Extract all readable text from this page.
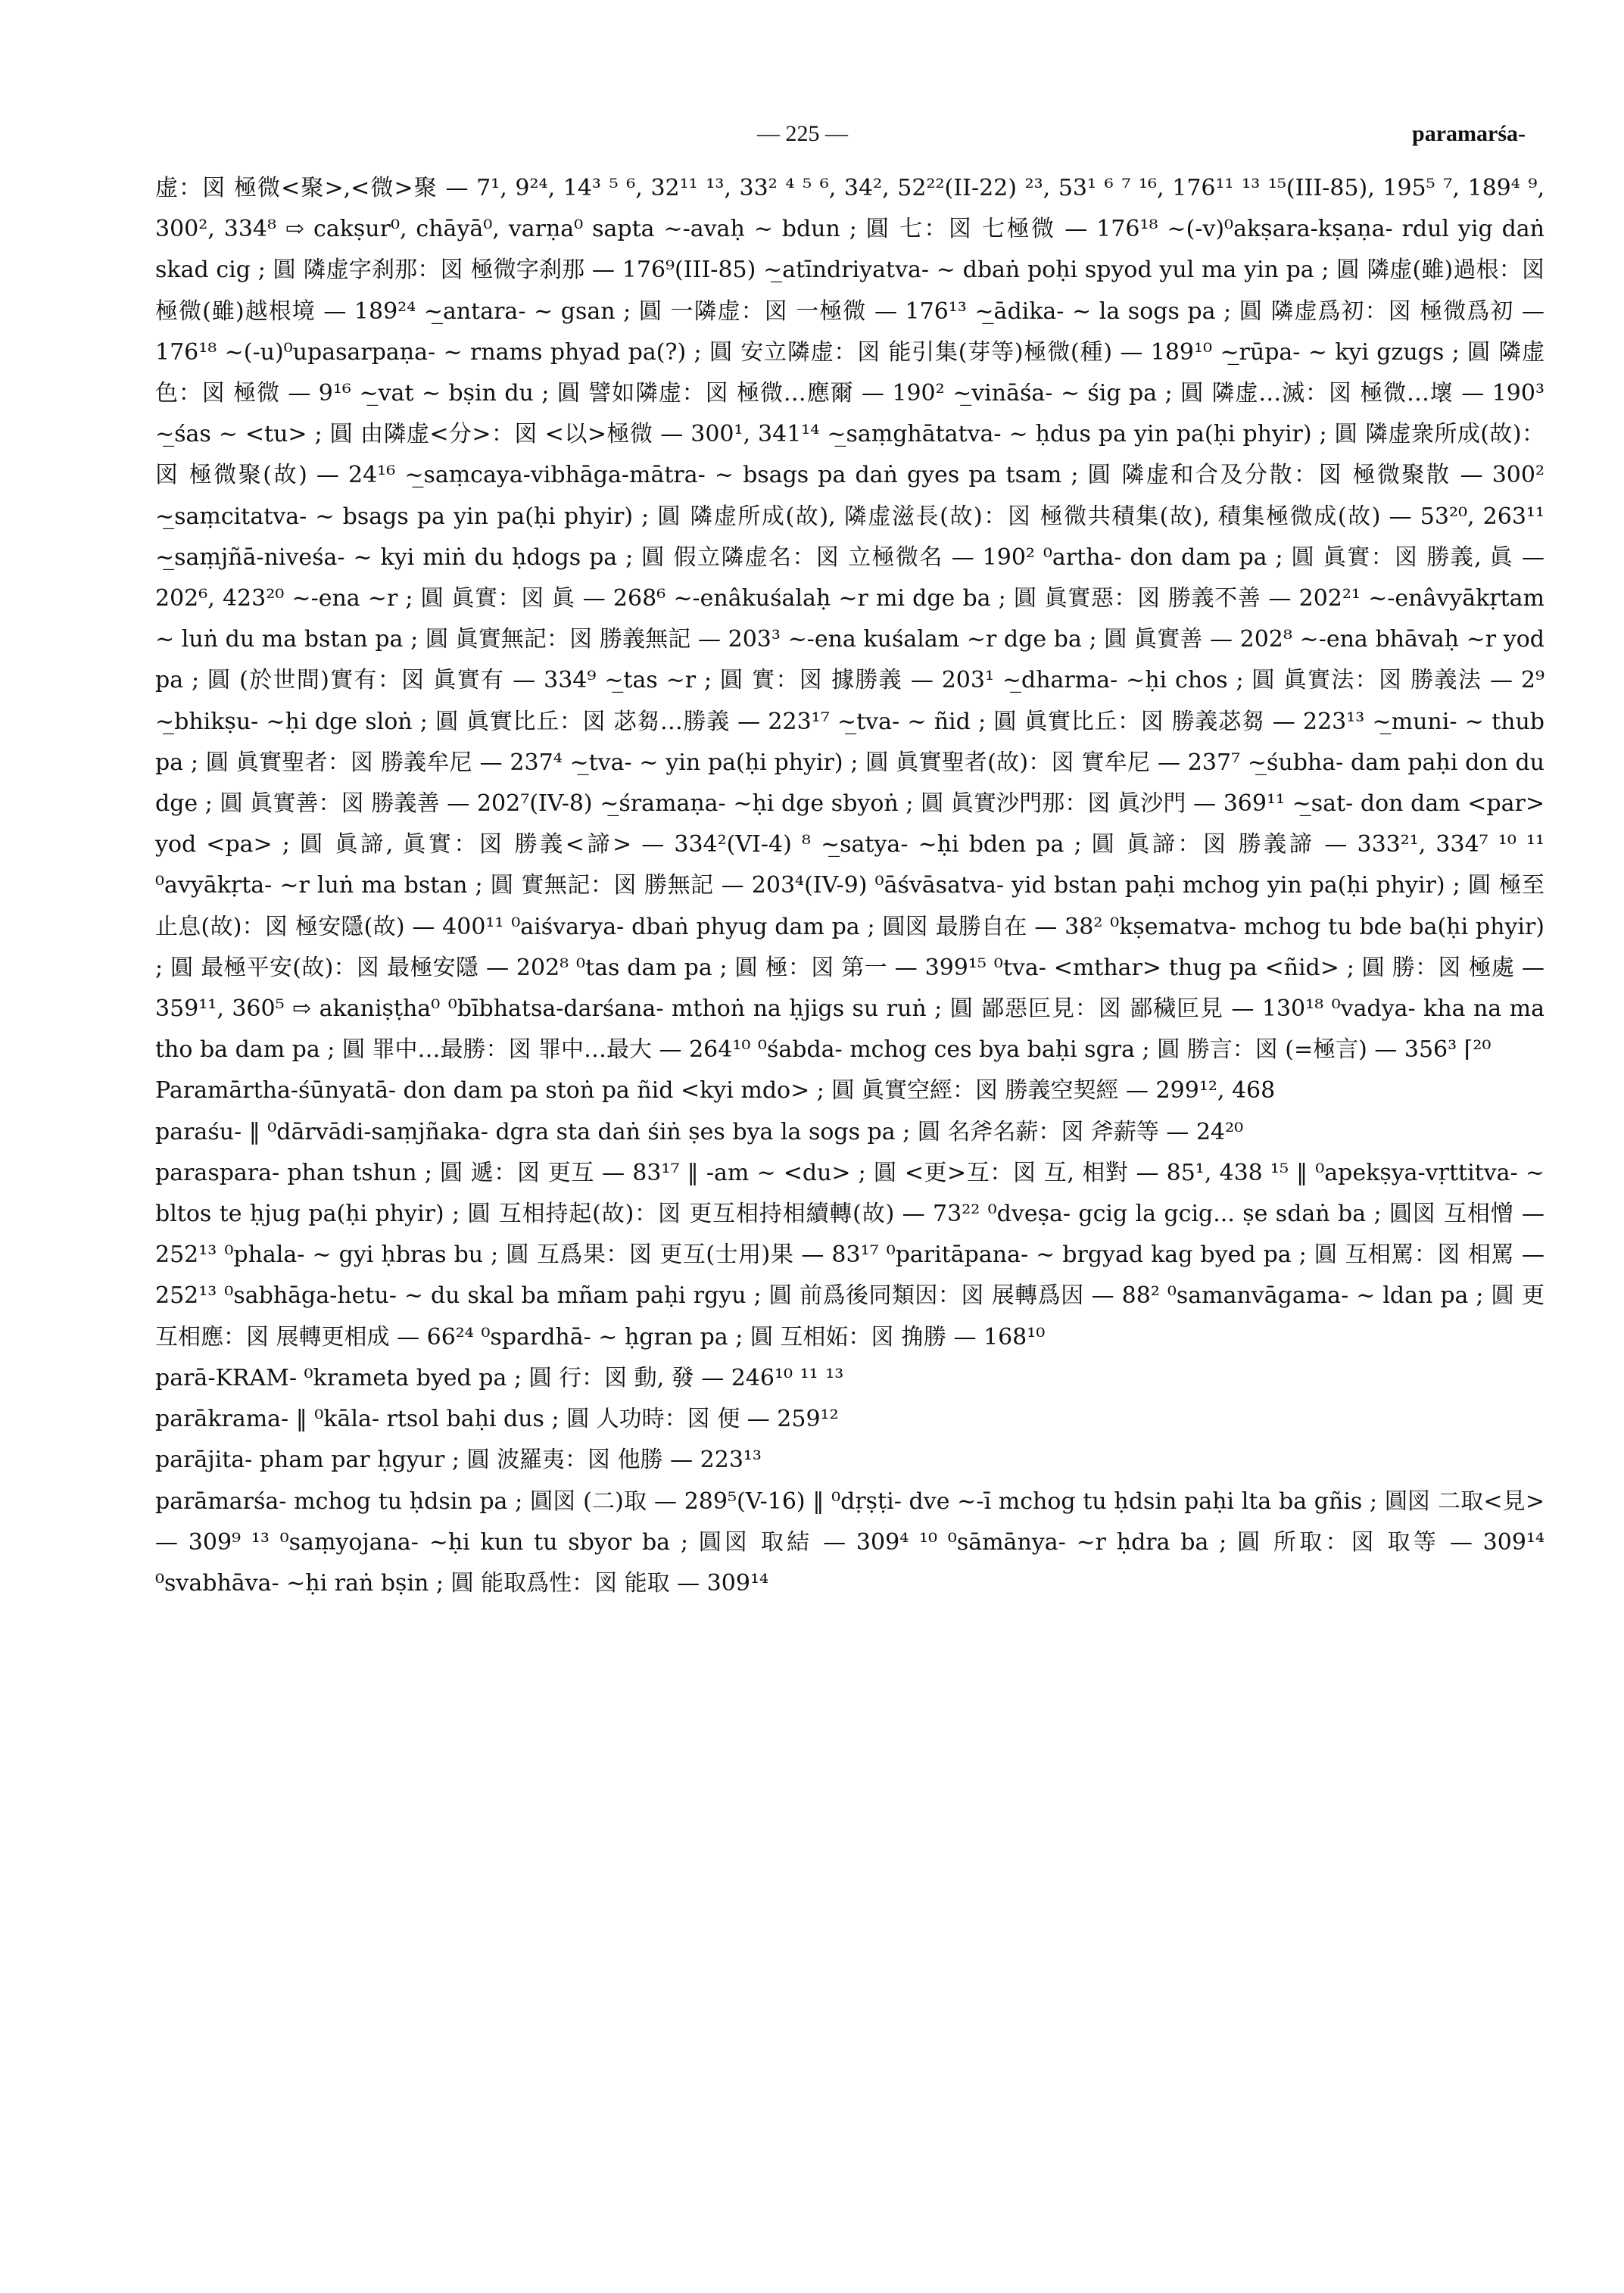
— 225 —	paramarśa-

虚：図 極微<聚>,<微>聚 — 7¹, 9²⁴, 14³ ⁵ ⁶, 32¹¹ ¹³, 33² ⁴ ⁵ ⁶, 34², 52²²(II-22) ²³, 53¹ ⁶ ⁷ ¹⁶, 176¹¹ ¹³ ¹⁵(III-85), 195⁵ ⁷, 189⁴ ⁹, 300², 334⁸ ⇨ cakṣur⁰, chāyā⁰, varṇa⁰ sapta ~-avaḥ ~ bdun ; 圓 七：図 七極微 — 176¹⁸ ~(-v)⁰akṣara-kṣaṇa- rdul yig daṅ skad cig ; 圓 隣虚字刹那：図 極微字刹那 — 176⁹(III-85) ~̲atīndriyatva- ~ dbaṅ poḥi spyod yul ma yin pa ; 圓 隣虚(雖)過根：図 極微(雖)越根境 — 189²⁴ ~̲antara- ~ gsan ; 圓 一隣虚：図 一極微 — 176¹³ ~̲ādika- ~ la sogs pa ; 圓 隣虚爲初：図 極微爲初 — 176¹⁸ ~(-u)⁰upasarpaṇa- ~ rnams phyad pa(?) ; 圓 安立隣虚：図 能引集(芽等)極微(種) — 189¹⁰ ~̲rūpa- ~ kyi gzugs ; 圓 隣虚色：図 極微 — 9¹⁶ ~̲vat ~ bṣin du ; 圓 譬如隣虚：図 極微…應爾 — 190² ~̲vināśa- ~ śig pa ; 圓 隣虚…滅：図 極微…壞 — 190³ ~̲śas ~ <tu> ; 圓 由隣虚<分>：図 <以>極微 — 300¹, 341¹⁴ ~̲saṃghātatva- ~ ḥdus pa yin pa(ḥi phyir) ; 圓 隣虚衆所成(故)：図 極微聚(故) — 24¹⁶ ~̲saṃcaya-vibhāga-mātra- ~ bsags pa daṅ gyes pa tsam ; 圓 隣虚和合及分散：図 極微聚散 — 300² ~̲saṃcitatva- ~ bsags pa yin pa(ḥi phyir) ; 圓 隣虚所成(故), 隣虚滋長(故)：図 極微共積集(故), 積集極微成(故) — 53²⁰, 263¹¹ ~̲saṃjñā-niveśa- ~ kyi miṅ du ḥdogs pa ; 圓 假立隣虚名：図 立極微名 — 190² ⁰artha- don dam pa ; 圓 眞實：図 勝義, 眞 — 202⁶, 423²⁰ ~-ena ~r ; 圓 眞實：図 眞 — 268⁶ ~-enâkuśalaḥ ~r mi dge ba ; 圓 眞實惡：図 勝義不善 — 202²¹ ~-enâvyākṛtam ~ luṅ du ma bstan pa ; 圓 眞實無記：図 勝義無記 — 203³ ~-ena kuśalam ~r dge ba ; 圓 眞實善 — 202⁸ ~-ena bhāvaḥ ~r yod pa ; 圓 (於世間)實有：図 眞實有 — 334⁹ ~̲tas ~r ; 圓 實：図 據勝義 — 203¹ ~̲dharma- ~ḥi chos ; 圓 眞實法：図 勝義法 — 2⁹ ~̲bhikṣu- ~ḥi dge sloṅ ; 圓 眞實比丘：図 苾芻…勝義 — 223¹⁷ ~̲tva- ~ ñid ; 圓 眞實比丘：図 勝義苾芻 — 223¹³ ~̲muni- ~ thub pa ; 圓 眞實聖者：図 勝義牟尼 — 237⁴ ~̲tva- ~ yin pa(ḥi phyir) ; 圓 眞實聖者(故)：図 實牟尼 — 237⁷ ~̲śubha- dam paḥi don du dge ; 圓 眞實善：図 勝義善 — 202⁷(IV-8) ~̲śramaṇa- ~ḥi dge sbyoṅ ; 圓 眞實沙門那：図 眞沙門 — 369¹¹ ~̲sat- don dam <par> yod <pa> ; 圓 眞諦, 眞實：図 勝義<諦> — 334²(VI-4) ⁸ ~̲satya- ~ḥi bden pa ; 圓 眞諦：図 勝義諦 — 333²¹, 334⁷ ¹⁰ ¹¹ ⁰avyākṛta- ~r luṅ ma bstan ; 圓 實無記：図 勝無記 — 203⁴(IV-9) ⁰āśvāsatva- yid bstan paḥi mchog yin pa(ḥi phyir) ; 圓 極至止息(故)：図 極安隱(故) — 400¹¹ ⁰aiśvarya- dbaṅ phyug dam pa ; 圓図 最勝自在 — 38² ⁰kṣematva- mchog tu bde ba(ḥi phyir) ; 圓 最極平安(故)：図 最極安隱 — 202⁸ ⁰tas dam pa ; 圓 極：図 第一 — 399¹⁵ ⁰tva- <mthar> thug pa <ñid> ; 圓 勝：図 極處 — 359¹¹, 360⁵ ⇨ akaniṣṭha⁰ ⁰bībhatsa-darśana- mthoṅ na ḥjigs su ruṅ ; 圓 鄙惡叵見：図 鄙穢叵見 — 130¹⁸ ⁰vadya- kha na ma tho ba dam pa ; 圓 罪中…最勝：図 罪中…最大 — 264¹⁰ ⁰śabda- mchog ces bya baḥi sgra ; 圓 勝言：図 (=極言) — 356³ ⌈²⁰

Paramārtha-śūnyatā- don dam pa stoṅ pa ñid <kyi mdo> ; 圓 眞實空經：図 勝義空契經 — 299¹², 468

paraśu- ‖ ⁰dārvādi-saṃjñaka- dgra sta daṅ śiṅ ṣes bya la sogs pa ; 圓 名斧名薪：図 斧薪等 — 24²⁰

paraspara- phan tshun ; 圓 遞：図 更互 — 83¹⁷ ‖ -am ~ <du> ; 圓 <更>互：図 互, 相對 — 85¹, 438 ¹⁵ ‖ ⁰apekṣya-vṛttitva- ~ bltos te ḥjug pa(ḥi phyir) ; 圓 互相持起(故)：図 更互相持相續轉(故) — 73²² ⁰dveṣa- gcig la gcig... ṣe sdaṅ ba ; 圓図 互相憎 — 252¹³ ⁰phala- ~ gyi ḥbras bu ; 圓 互爲果：図 更互(士用)果 — 83¹⁷ ⁰paritāpana- ~ brgyad kag byed pa ; 圓 互相罵：図 相罵 — 252¹³ ⁰sabhāga-hetu- ~ du skal ba mñam paḥi rgyu ; 圓 前爲後同類因：図 展轉爲因 — 88² ⁰samanvāgama- ~ ldan pa ; 圓 更互相應：図 展轉更相成 — 66²⁴ ⁰spardhā- ~ ḥgran pa ; 圓 互相妬：図 捔勝 — 168¹⁰

parā-KRAM- ⁰krameta byed pa ; 圓 行：図 動, 發 — 246¹⁰ ¹¹ ¹³

parākrama- ‖ ⁰kāla- rtsol baḥi dus ; 圓 人功時：図 便 — 259¹²

parājita- pham par ḥgyur ; 圓 波羅夷：図 他勝 — 223¹³

parāmarśa- mchog tu ḥdsin pa ; 圓図 (二)取 — 289⁵(V-16) ‖ ⁰dṛṣṭi- dve ~-ī mchog tu ḥdsin paḥi lta ba gñis ; 圓図 二取<見> — 309⁹ ¹³ ⁰saṃyojana- ~ḥi kun tu sbyor ba ; 圓図 取結 — 309⁴ ¹⁰ ⁰sāmānya- ~r ḥdra ba ; 圓 所取：図 取等 — 309¹⁴ ⁰svabhāva- ~ḥi raṅ bṣin ; 圓 能取爲性：図 能取 — 309¹⁴
